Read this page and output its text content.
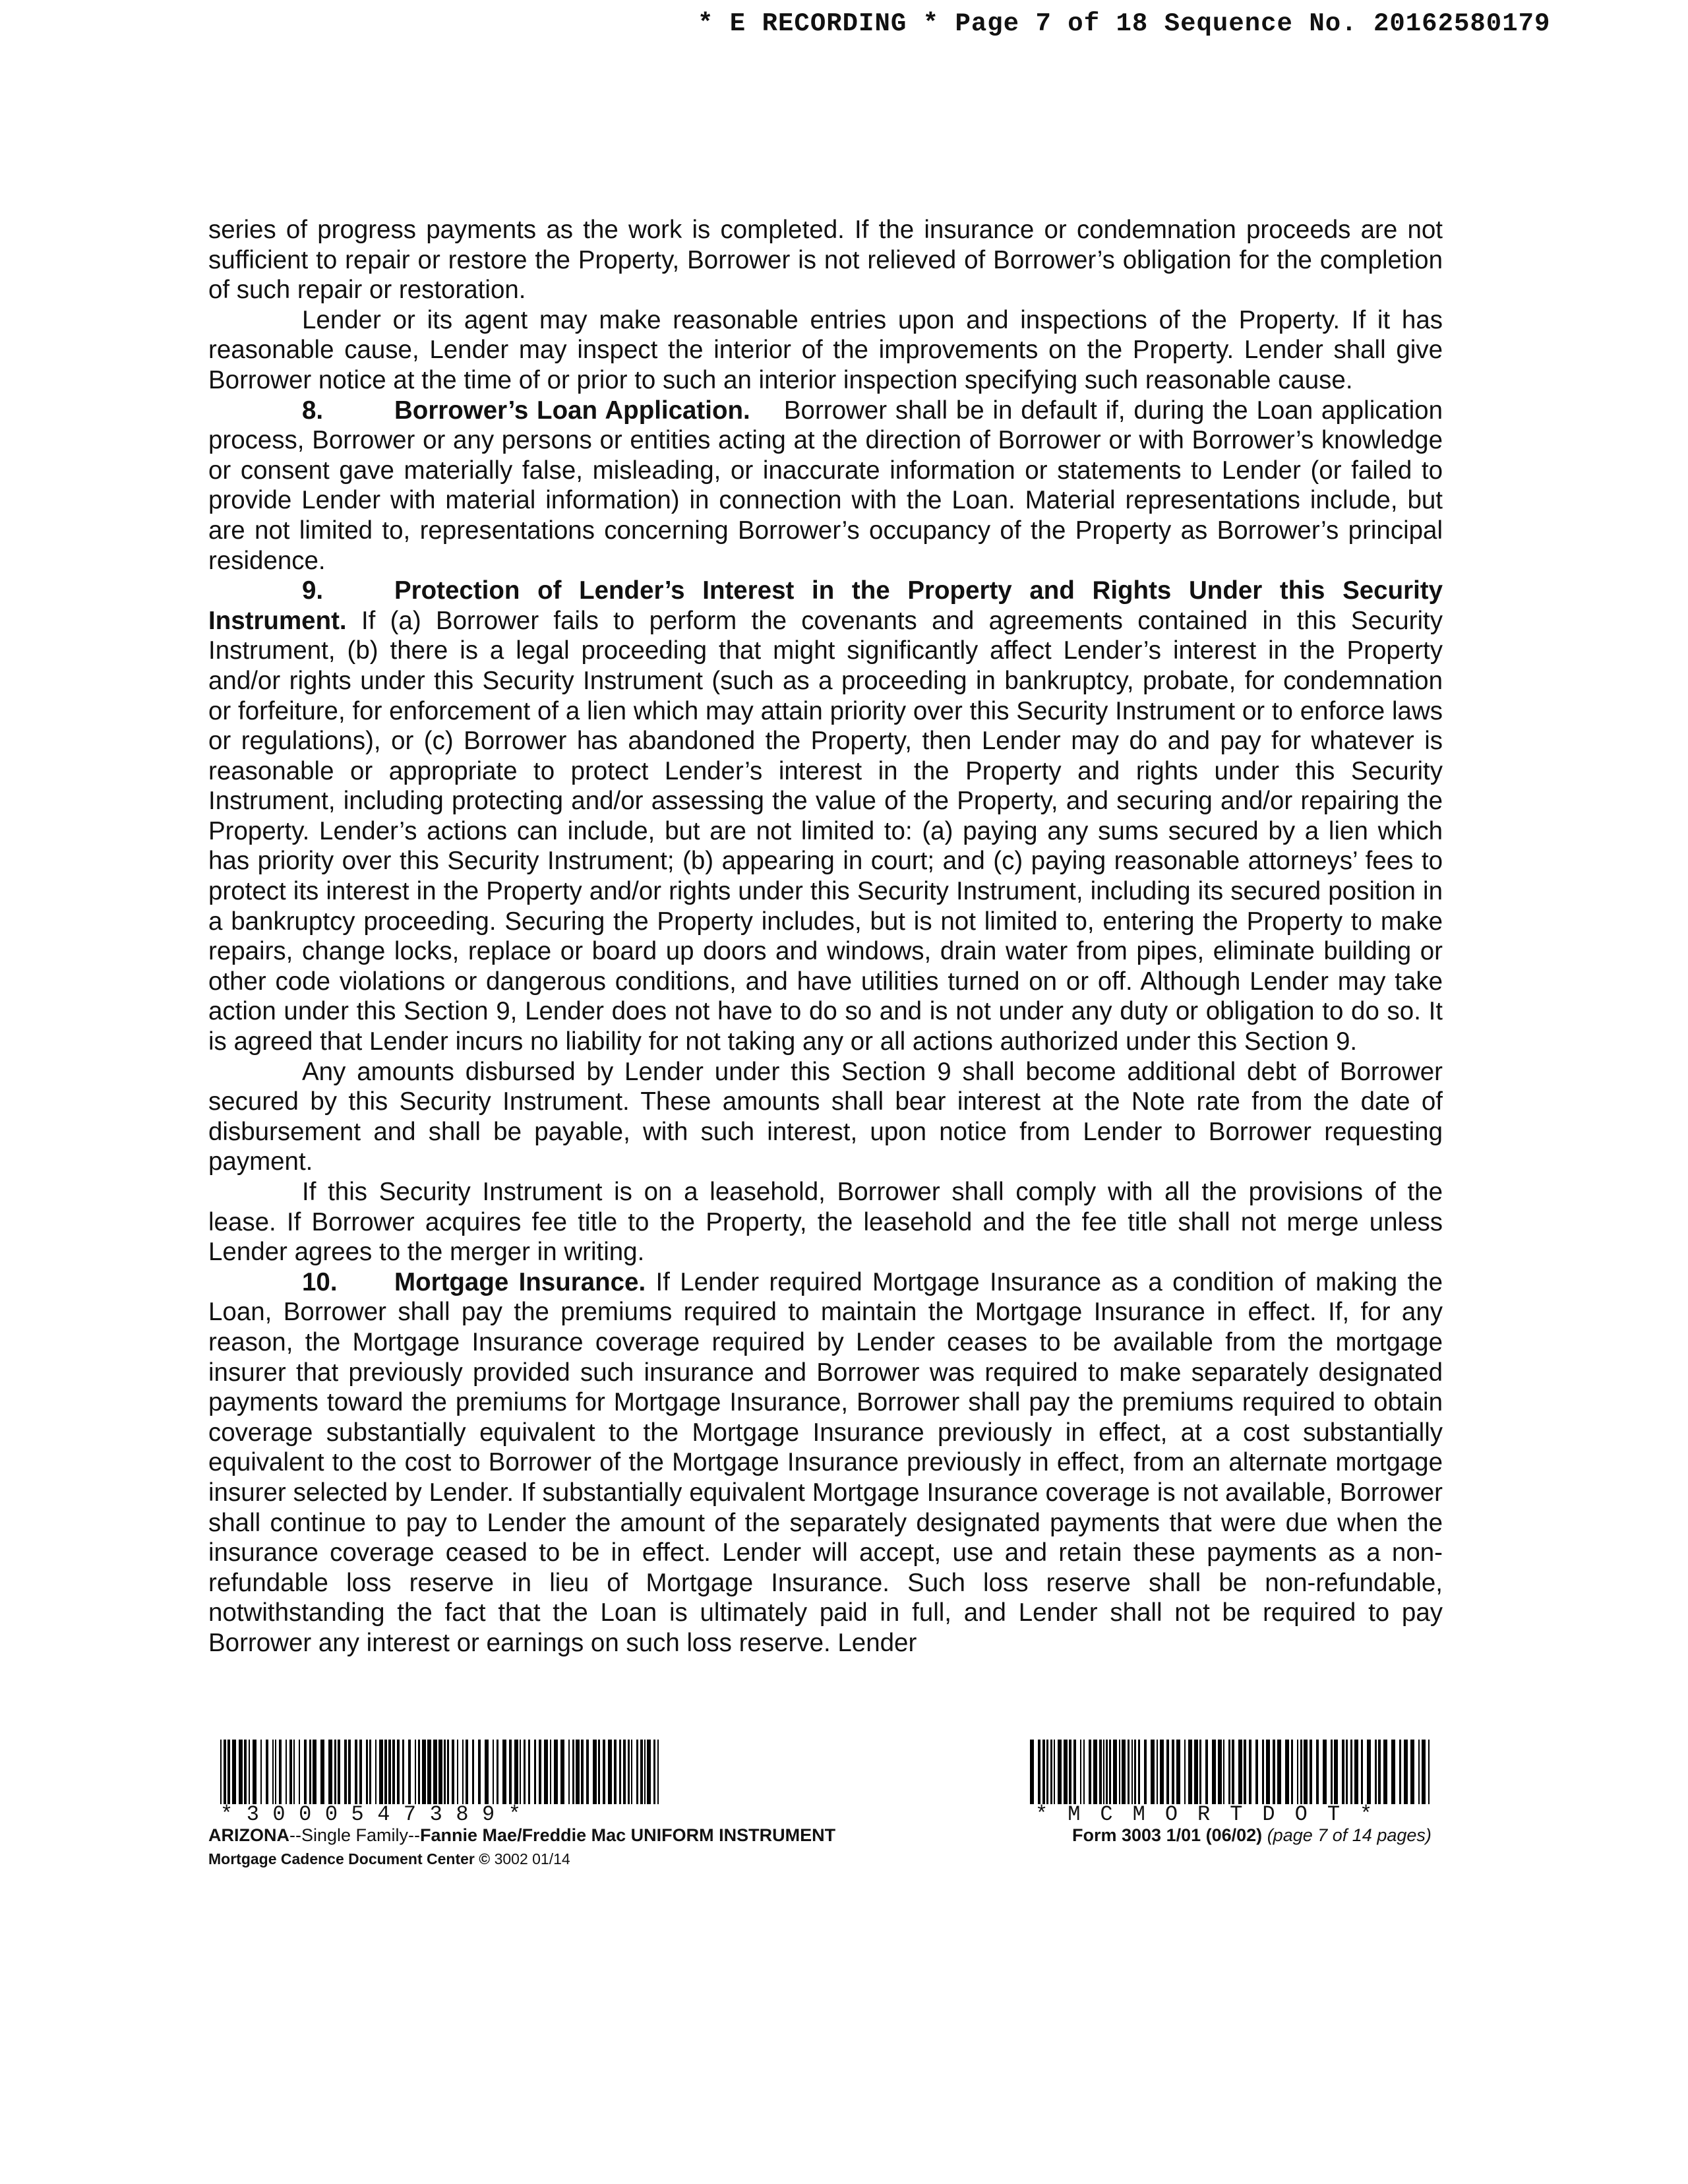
* E RECORDING * Page 7 of 18 Sequence No. 20162580179

series of progress payments as the work is completed. If the insurance or condemnation proceeds are not sufficient to repair or restore the Property, Borrower is not relieved of Borrower’s obligation for the completion of such repair or restoration.

Lender or its agent may make reasonable entries upon and inspections of the Property. If it has reasonable cause, Lender may inspect the interior of the improvements on the Property. Lender shall give Borrower notice at the time of or prior to such an interior inspection specifying such reasonable cause.

8.	Borrower’s Loan Application. Borrower shall be in default if, during the Loan application process, Borrower or any persons or entities acting at the direction of Borrower or with Borrower’s knowledge or consent gave materially false, misleading, or inaccurate information or statements to Lender (or failed to provide Lender with material information) in connection with the Loan. Material representations include, but are not limited to, representations concerning Borrower’s occupancy of the Property as Borrower’s principal residence.

9.	Protection of Lender’s Interest in the Property and Rights Under this Security Instrument. If (a) Borrower fails to perform the covenants and agreements contained in this Security Instrument, (b) there is a legal proceeding that might significantly affect Lender’s interest in the Property and/or rights under this Security Instrument (such as a proceeding in bankruptcy, probate, for condemnation or forfeiture, for enforcement of a lien which may attain priority over this Security Instrument or to enforce laws or regulations), or (c) Borrower has abandoned the Property, then Lender may do and pay for whatever is reasonable or appropriate to protect Lender’s interest in the Property and rights under this Security Instrument, including protecting and/or assessing the value of the Property, and securing and/or repairing the Property. Lender’s actions can include, but are not limited to: (a) paying any sums secured by a lien which has priority over this Security Instrument; (b) appearing in court; and (c) paying reasonable attorneys’ fees to protect its interest in the Property and/or rights under this Security Instrument, including its secured position in a bankruptcy proceeding. Securing the Property includes, but is not limited to, entering the Property to make repairs, change locks, replace or board up doors and windows, drain water from pipes, eliminate building or other code violations or dangerous conditions, and have utilities turned on or off. Although Lender may take action under this Section 9, Lender does not have to do so and is not under any duty or obligation to do so. It is agreed that Lender incurs no liability for not taking any or all actions authorized under this Section 9.

Any amounts disbursed by Lender under this Section 9 shall become additional debt of Borrower secured by this Security Instrument. These amounts shall bear interest at the Note rate from the date of disbursement and shall be payable, with such interest, upon notice from Lender to Borrower requesting payment.

If this Security Instrument is on a leasehold, Borrower shall comply with all the provisions of the lease. If Borrower acquires fee title to the Property, the leasehold and the fee title shall not merge unless Lender agrees to the merger in writing.

10. Mortgage Insurance. If Lender required Mortgage Insurance as a condition of making the Loan, Borrower shall pay the premiums required to maintain the Mortgage Insurance in effect. If, for any reason, the Mortgage Insurance coverage required by Lender ceases to be available from the mortgage insurer that previously provided such insurance and Borrower was required to make separately designated payments toward the premiums for Mortgage Insurance, Borrower shall pay the premiums required to obtain coverage substantially equivalent to the Mortgage Insurance previously in effect, at a cost substantially equivalent to the cost to Borrower of the Mortgage Insurance previously in effect, from an alternate mortgage insurer selected by Lender. If substantially equivalent Mortgage Insurance coverage is not available, Borrower shall continue to pay to Lender the amount of the separately designated payments that were due when the insurance coverage ceased to be in effect. Lender will accept, use and retain these payments as a non-refundable loss reserve in lieu of Mortgage Insurance. Such loss reserve shall be non-refundable, notwithstanding the fact that the Loan is ultimately paid in full, and Lender shall not be required to pay Borrower any interest or earnings on such loss reserve. Lender

*3000547389*	*MCMORTDOT*
ARIZONA--Single Family--Fannie Mae/Freddie Mac UNIFORM INSTRUMENT
Mortgage Cadence Document Center © 3002 01/14
Form 3003 1/01 (06/02) (page 7 of 14 pages)
